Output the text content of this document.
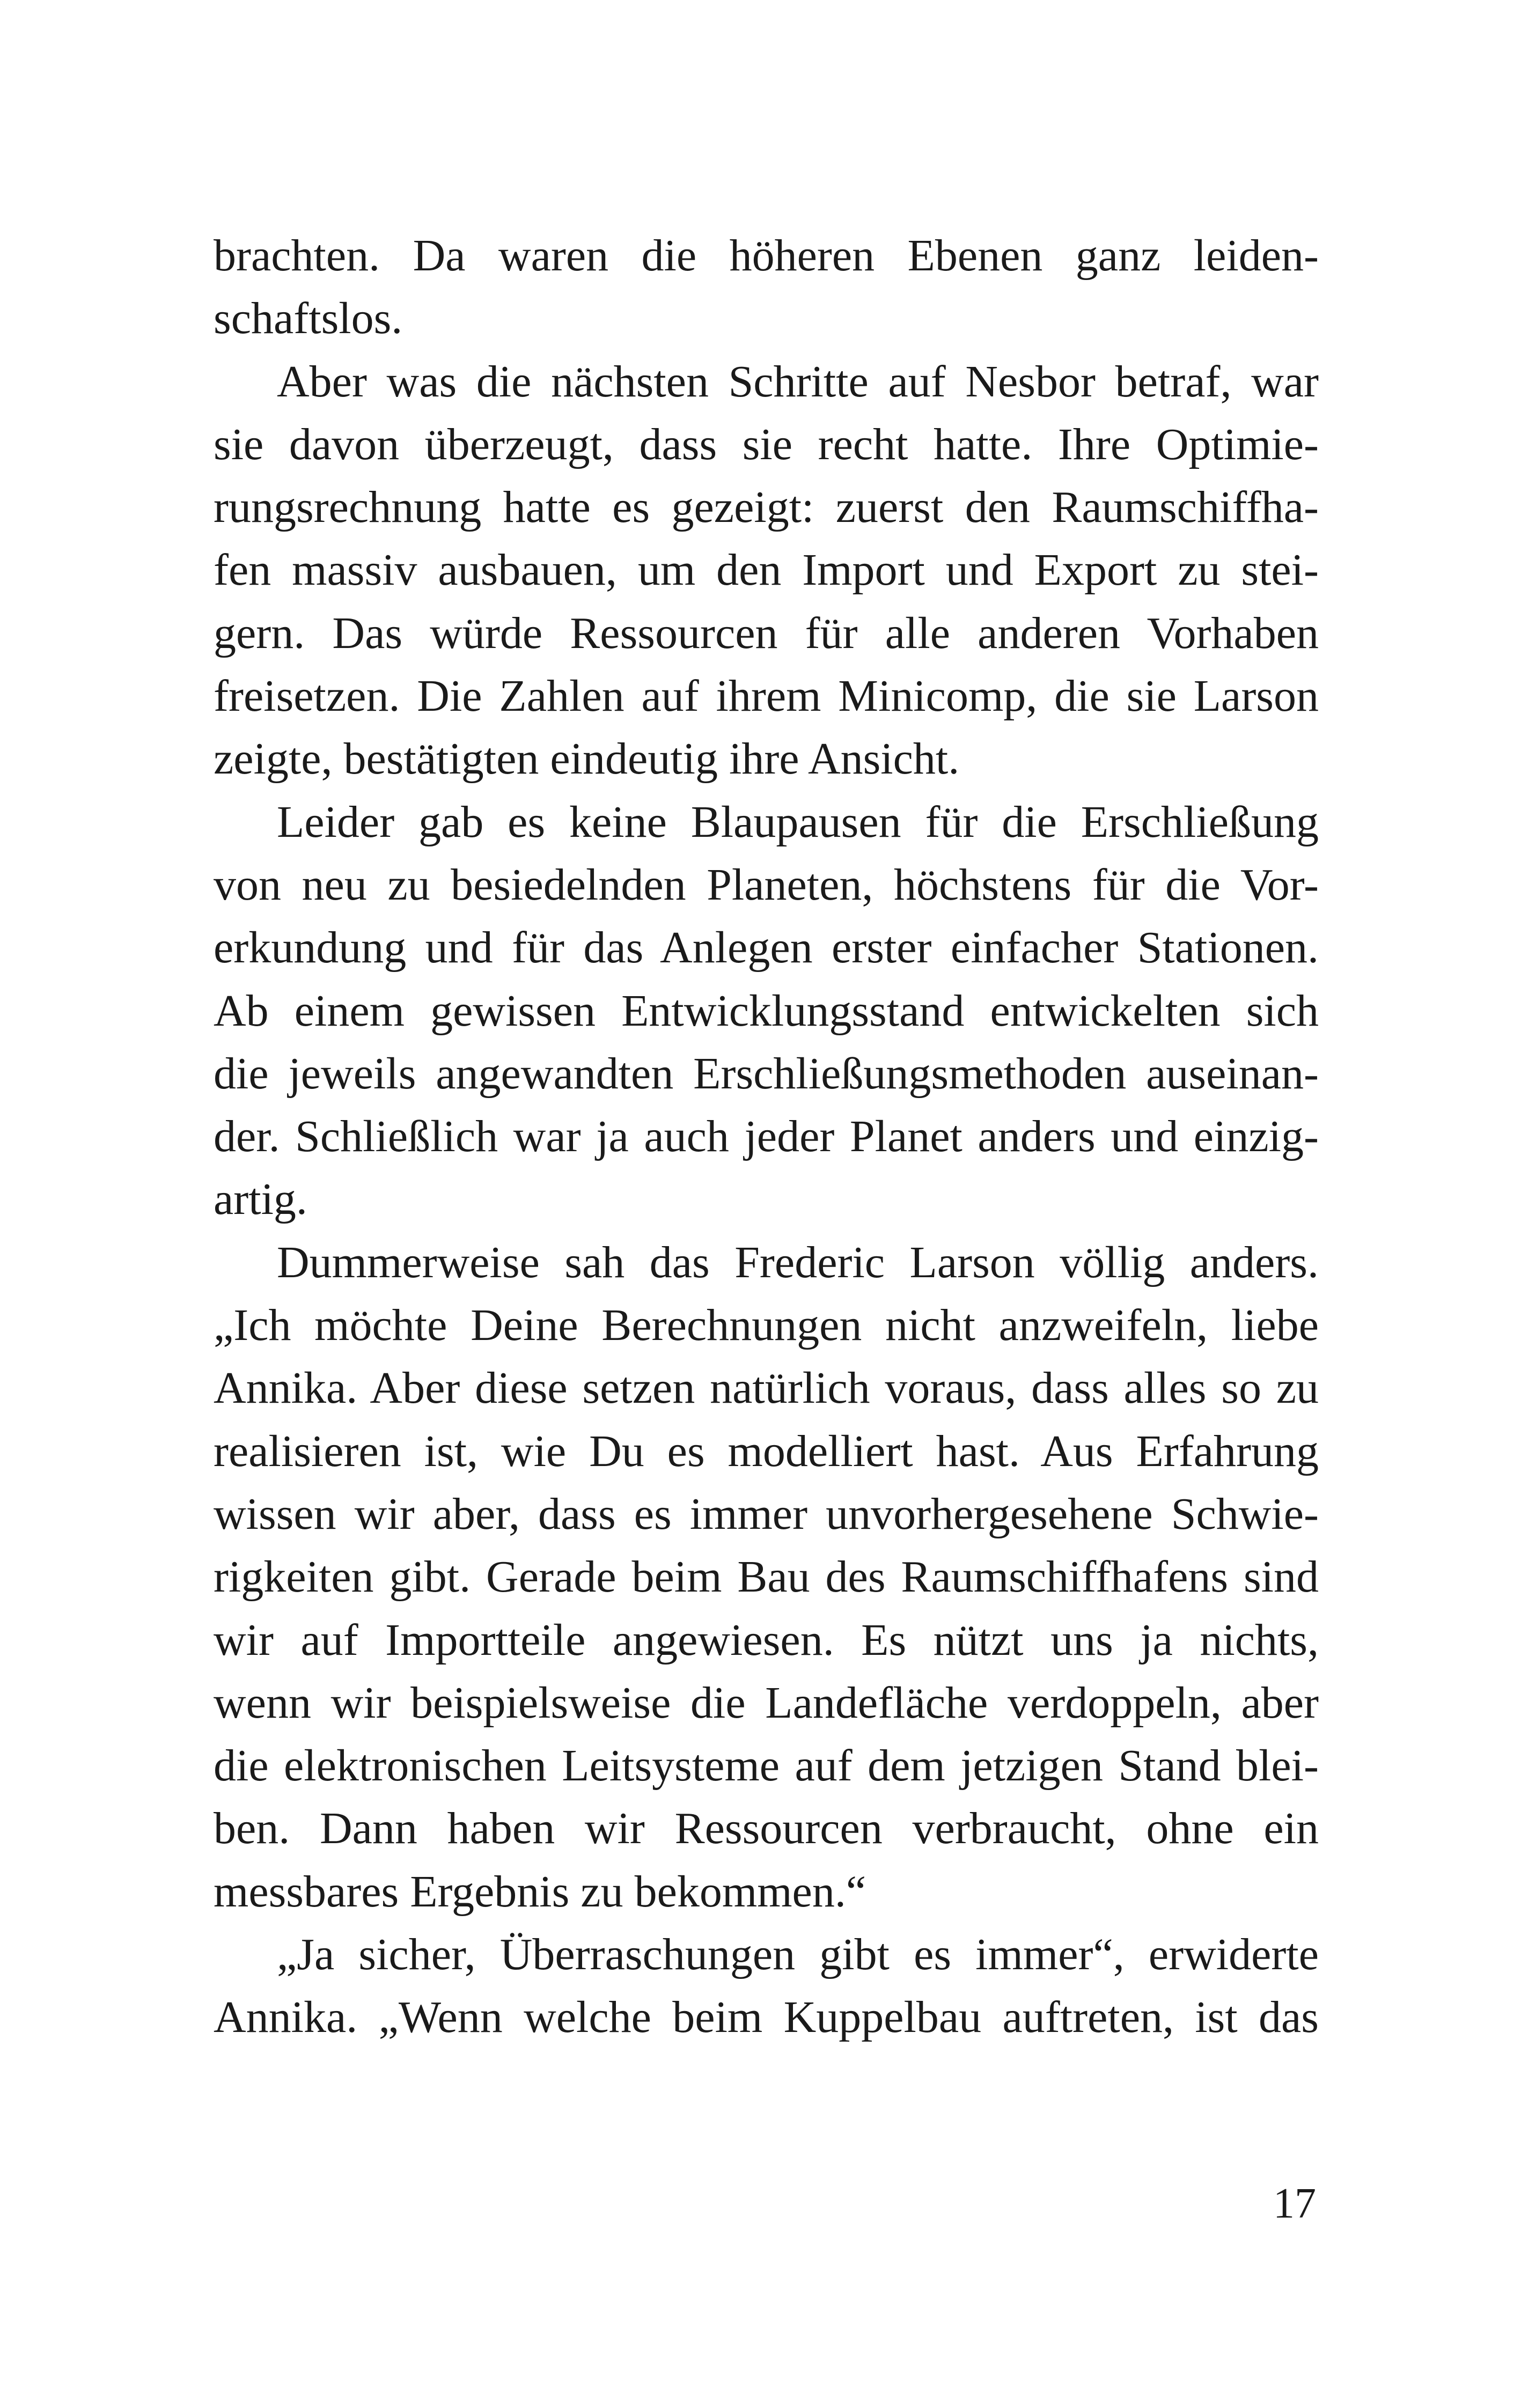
brachten. Da waren die höheren Ebenen ganz leiden-
schaftslos.
Aber was die nächsten Schritte auf Nesbor betraf, war
sie davon überzeugt, dass sie recht hatte. Ihre Optimie-
rungsrechnung hatte es gezeigt: zuerst den Raumschiffha-
fen massiv ausbauen, um den Import und Export zu stei-
gern. Das würde Ressourcen für alle anderen Vorhaben
freisetzen. Die Zahlen auf ihrem Minicomp, die sie Larson
zeigte, bestätigten eindeutig ihre Ansicht.
Leider gab es keine Blaupausen für die Erschließung
von neu zu besiedelnden Planeten, höchstens für die Vor-
erkundung und für das Anlegen erster einfacher Stationen.
Ab einem gewissen Entwicklungsstand entwickelten sich
die jeweils angewandten Erschließungsmethoden auseinan-
der. Schließlich war ja auch jeder Planet anders und einzig-
artig.
Dummerweise sah das Frederic Larson völlig anders.
„Ich möchte Deine Berechnungen nicht anzweifeln, liebe
Annika. Aber diese setzen natürlich voraus, dass alles so zu
realisieren ist, wie Du es modelliert hast. Aus Erfahrung
wissen wir aber, dass es immer unvorhergesehene Schwie-
rigkeiten gibt. Gerade beim Bau des Raumschiffhafens sind
wir auf Importteile angewiesen. Es nützt uns ja nichts,
wenn wir beispielsweise die Landefläche verdoppeln, aber
die elektronischen Leitsysteme auf dem jetzigen Stand blei-
ben. Dann haben wir Ressourcen verbraucht, ohne ein
messbares Ergebnis zu bekommen.“
„Ja sicher, Überraschungen gibt es immer“, erwiderte
Annika. „Wenn welche beim Kuppelbau auftreten, ist das
17
